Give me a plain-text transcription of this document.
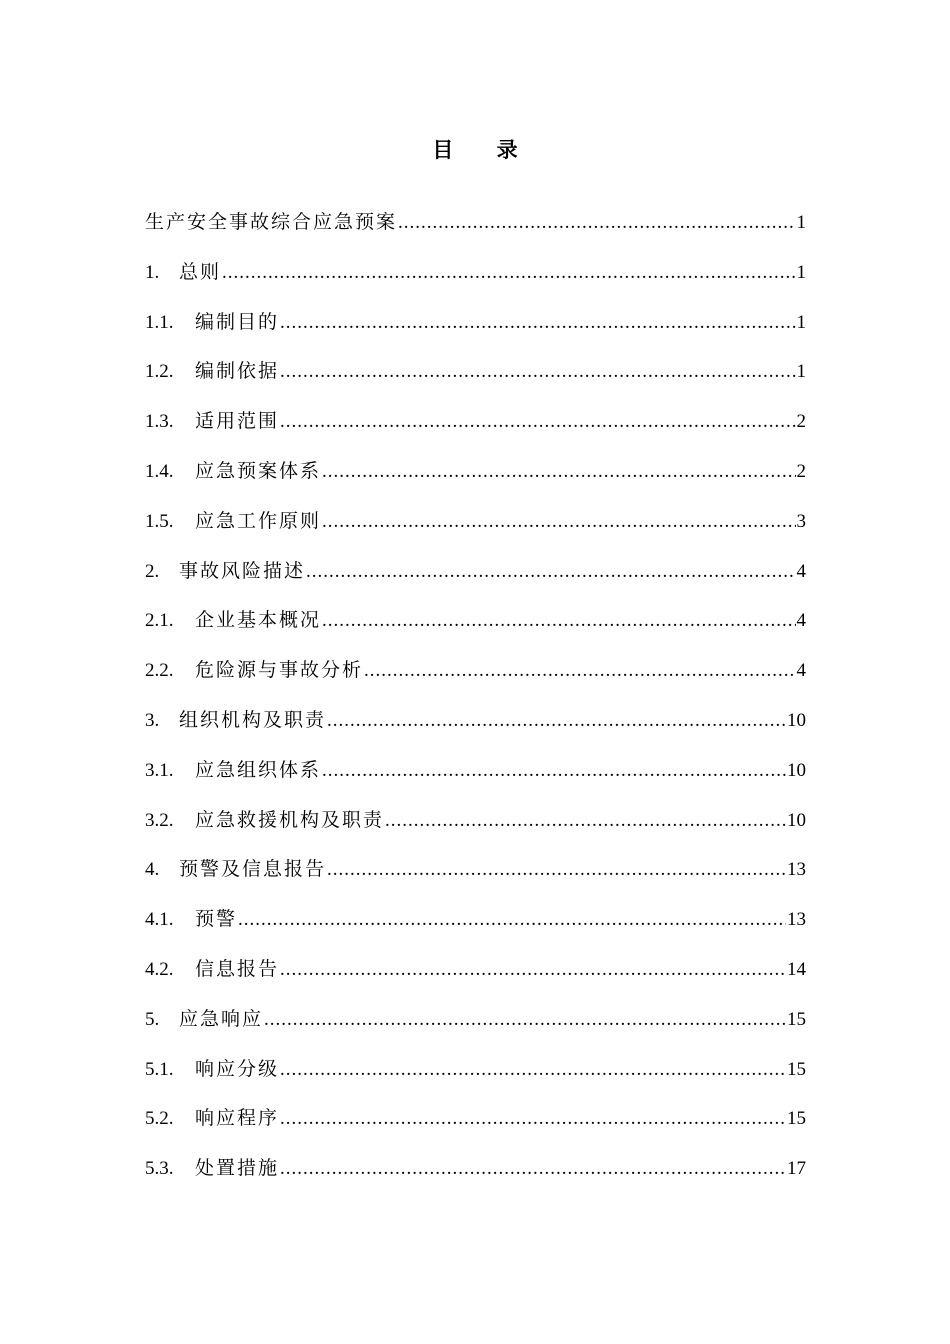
目 录
生产安全事故综合应急预案 .....	1
1.	总则 .....	1
1.1.	编制目的 .....	1
1.2.	编制依据 .....	1
1.3.	适用范围 .....	2
1.4.	应急预案体系 .....	2
1.5.	应急工作原则 .....	3
2.	事故风险描述 .....	4
2.1.	企业基本概况 .....	4
2.2.	危险源与事故分析 .....	4
3.	组织机构及职责 .....	10
3.1.	应急组织体系 .....	10
3.2.	应急救援机构及职责 .....	10
4.	预警及信息报告 .....	13
4.1.	预警 .....	13
4.2.	信息报告 .....	14
5.	应急响应 .....	15
5.1.	响应分级 .....	15
5.2.	响应程序 .....	15
5.3.	处置措施 .....	17
